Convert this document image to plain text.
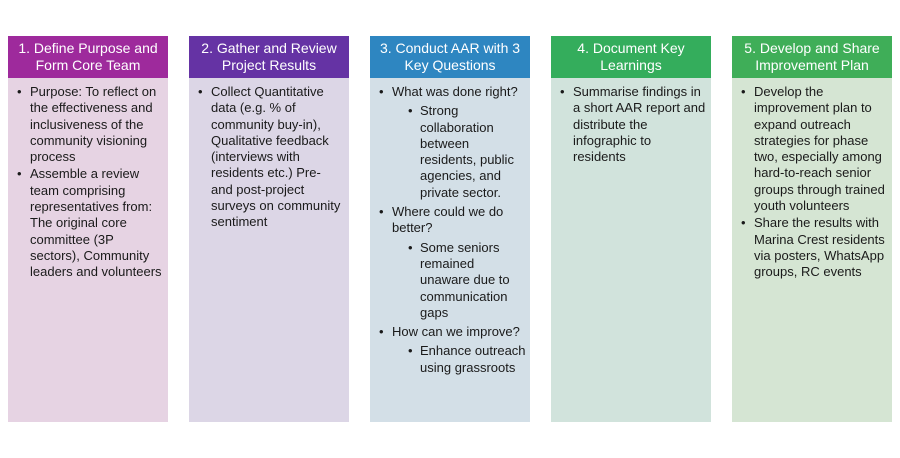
1. Define Purpose and Form Core Team
• Purpose: To reflect on the effectiveness and inclusiveness of the community visioning process
• Assemble a review team comprising representatives from: The original core committee (3P sectors), Community leaders and volunteers
2. Gather and Review Project Results
• Collect Quantitative data (e.g. % of community buy-in), Qualitative feedback (interviews with residents etc.) Pre- and post-project surveys on community sentiment
3. Conduct AAR with 3 Key Questions
• What was done right?
• Strong collaboration between residents, public agencies, and private sector.
• Where could we do better?
• Some seniors remained unaware due to communication gaps
• How can we improve?
• Enhance outreach using grassroots
4. Document Key Learnings
• Summarise findings in a short AAR report and distribute the infographic to residents
5. Develop and Share Improvement Plan
• Develop the improvement plan to expand outreach strategies for phase two, especially among hard-to-reach senior groups through trained youth volunteers
• Share the results with Marina Crest residents via posters, WhatsApp groups, RC events
